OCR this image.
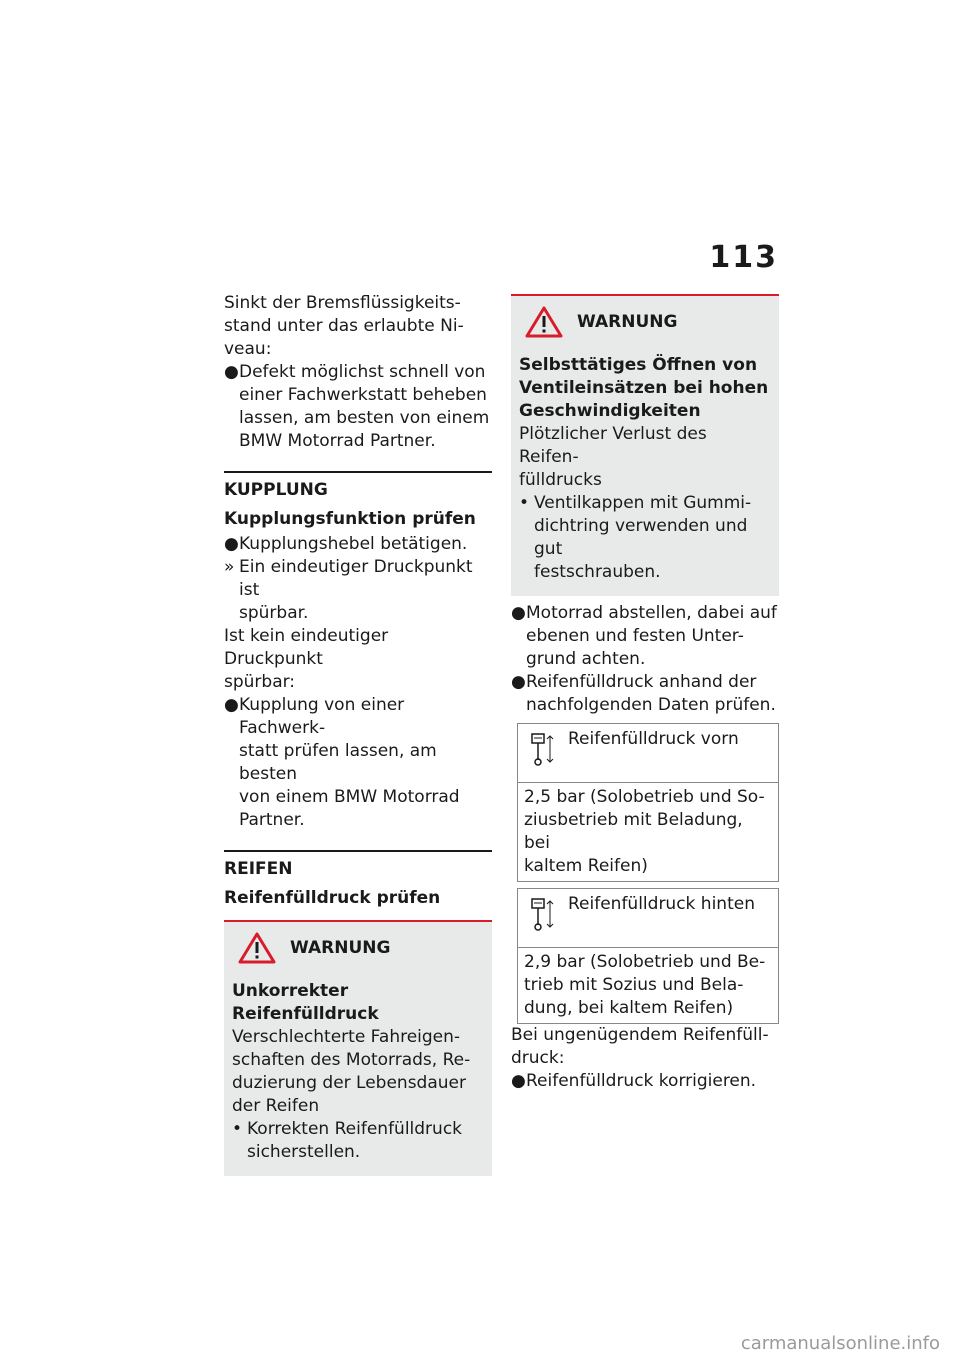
113
Sinkt der Bremsflüssigkeits-
stand unter das erlaubte Ni-
veau:
● Defekt möglichst schnell von
einer Fachwerkstatt beheben
lassen, am besten von einem
BMW Motorrad Partner.
KUPPLUNG
Kupplungsfunktion prüfen
● Kupplungshebel betätigen.
» Ein eindeutiger Druckpunkt ist
spürbar.
Ist kein eindeutiger Druckpunkt
spürbar:
● Kupplung von einer Fachwerk-
statt prüfen lassen, am besten
von einem BMW Motorrad
Partner.
REIFEN
Reifenfülldruck prüfen
WARNUNG
Unkorrekter Reifenfülldruck
Verschlechterte Fahreigen-
schaften des Motorrads, Re-
duzierung der Lebensdauer
der Reifen
• Korrekten Reifenfülldruck
sicherstellen.
WARNUNG
Selbsttätiges Öffnen von
Ventileinsätzen bei hohen
Geschwindigkeiten
Plötzlicher Verlust des Reifen-
fülldrucks
• Ventilkappen mit Gummi-
dichtring verwenden und gut
festschrauben.
● Motorrad abstellen, dabei auf
ebenen und festen Unter-
grund achten.
● Reifenfülldruck anhand der
nachfolgenden Daten prüfen.
Reifenfülldruck vorn
2,5 bar (Solobetrieb und So-
ziusbetrieb mit Beladung, bei
kaltem Reifen)
Reifenfülldruck hinten
2,9 bar (Solobetrieb und Be-
trieb mit Sozius und Bela-
dung, bei kaltem Reifen)
Bei ungenügendem Reifenfüll-
druck:
● Reifenfülldruck korrigieren.
carmanualsonline.info
